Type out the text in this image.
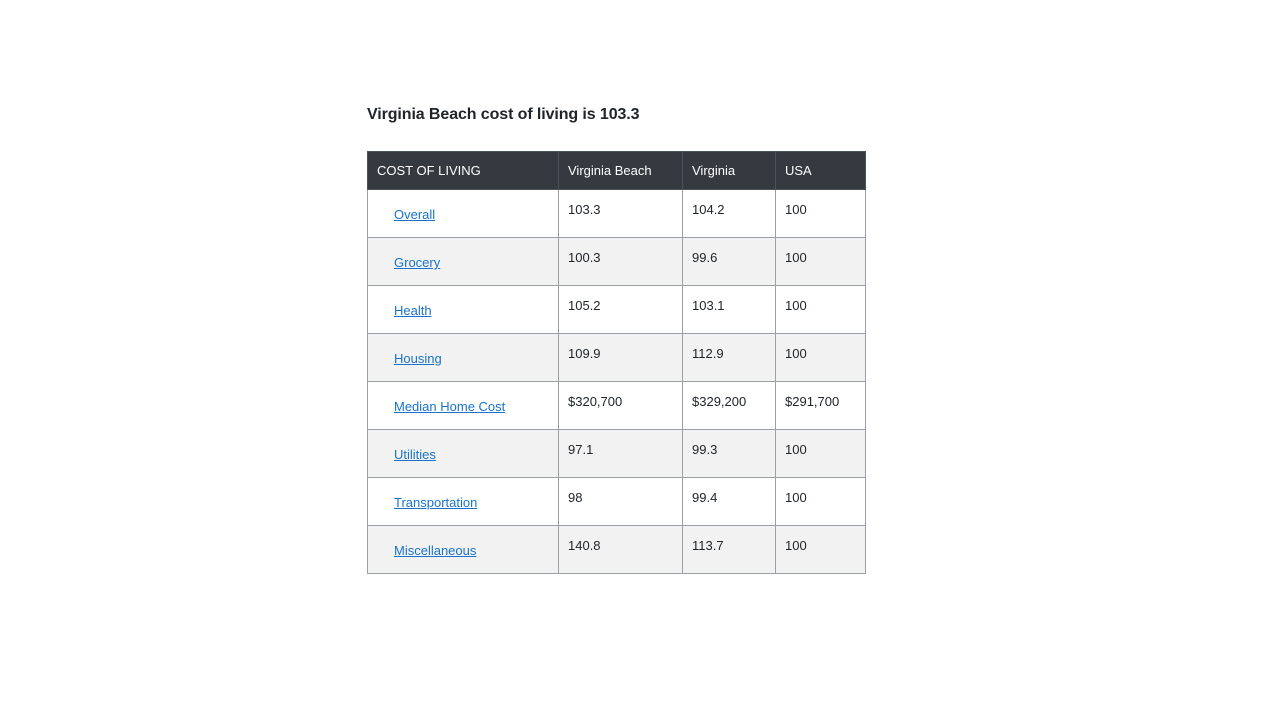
Virginia Beach cost of living is 103.3
COST OF LIVING	Virginia Beach	Virginia	USA
Overall	103.3	104.2	100
Grocery	100.3	99.6	100
Health	105.2	103.1	100
Housing	109.9	112.9	100
Median Home Cost	$320,700	$329,200	$291,700
Utilities	97.1	99.3	100
Transportation	98	99.4	100
Miscellaneous	140.8	113.7	100
